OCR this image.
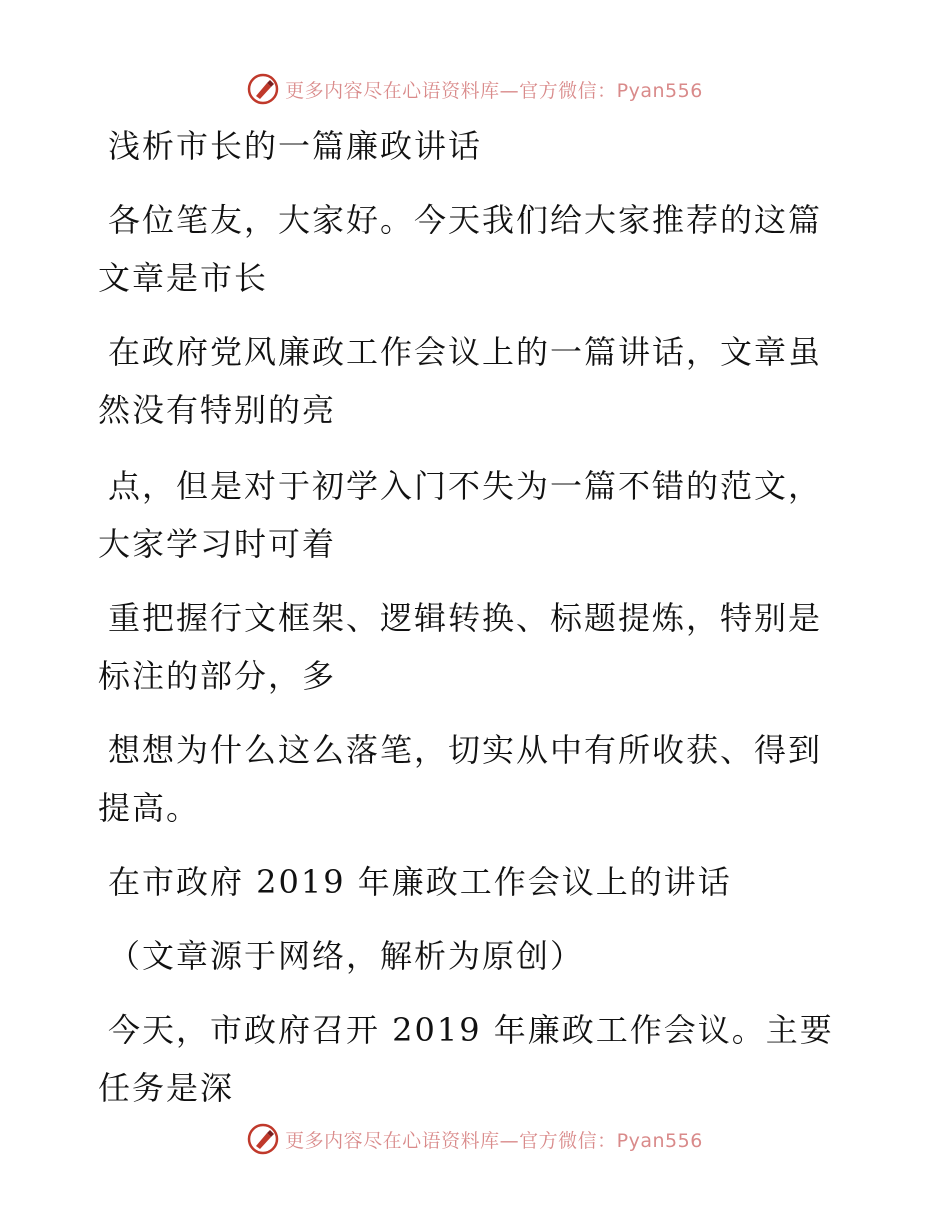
更多内容尽在心语资料库—官方微信：Pyan556
浅析市长的一篇廉政讲话
各位笔友，大家好。今天我们给大家推荐的这篇
文章是市长
在政府党风廉政工作会议上的一篇讲话，文章虽
然没有特别的亮
点，但是对于初学入门不失为一篇不错的范文，
大家学习时可着
重把握行文框架、逻辑转换、标题提炼，特别是
标注的部分，多
想想为什么这么落笔，切实从中有所收获、得到
提高。
在市政府 2019 年廉政工作会议上的讲话
（文章源于网络，解析为原创）
今天，市政府召开 2019 年廉政工作会议。主要
任务是深
更多内容尽在心语资料库—官方微信：Pyan556
